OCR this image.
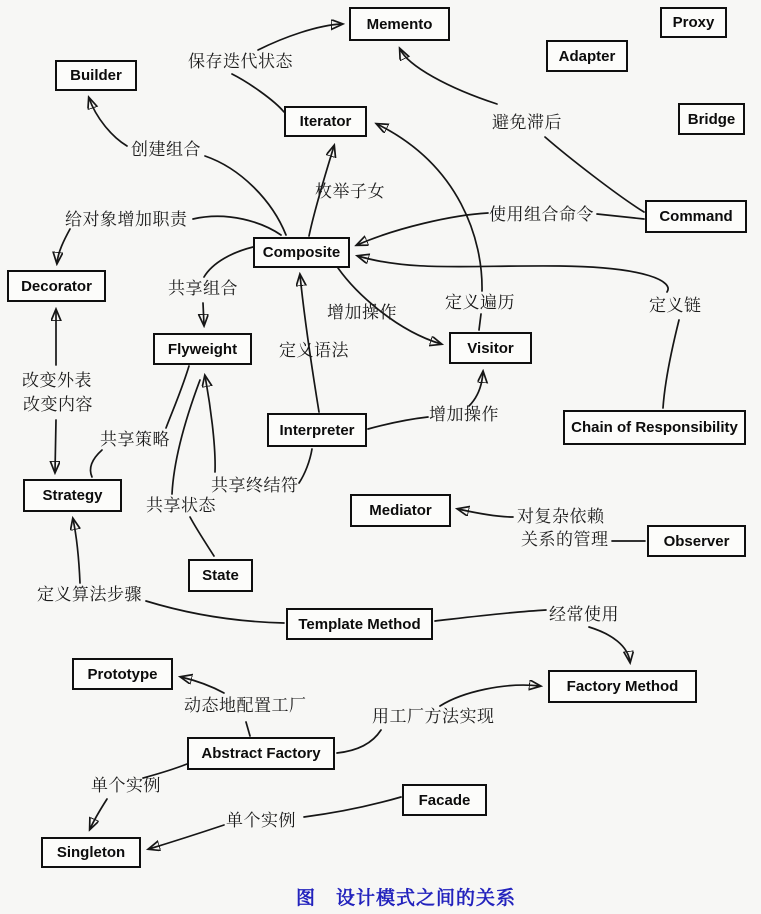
图　设计模式之间的关系
Memento	Proxy
Adapter
Builder
Iterator	Bridge
Command
Composite
Decorator
Flyweight	Visitor
Interpreter	Chain of Responsibility
Strategy
Mediator
Observer
State
Template Method
Prototype
Factory Method
Abstract Factory
Facade
Singleton
保存迭代状态
创建组合
避免滞后
枚举子女
给对象增加职责	使用组合命令
共享组合
定义遍历	定义链
增加操作
定义语法
改变外表
改变内容
增加操作
共享策略
共享终结符
共享状态
对复杂依赖
关系的管理
定义算法步骤
经常使用
动态地配置工厂
用工厂方法实现
单个实例
单个实例
